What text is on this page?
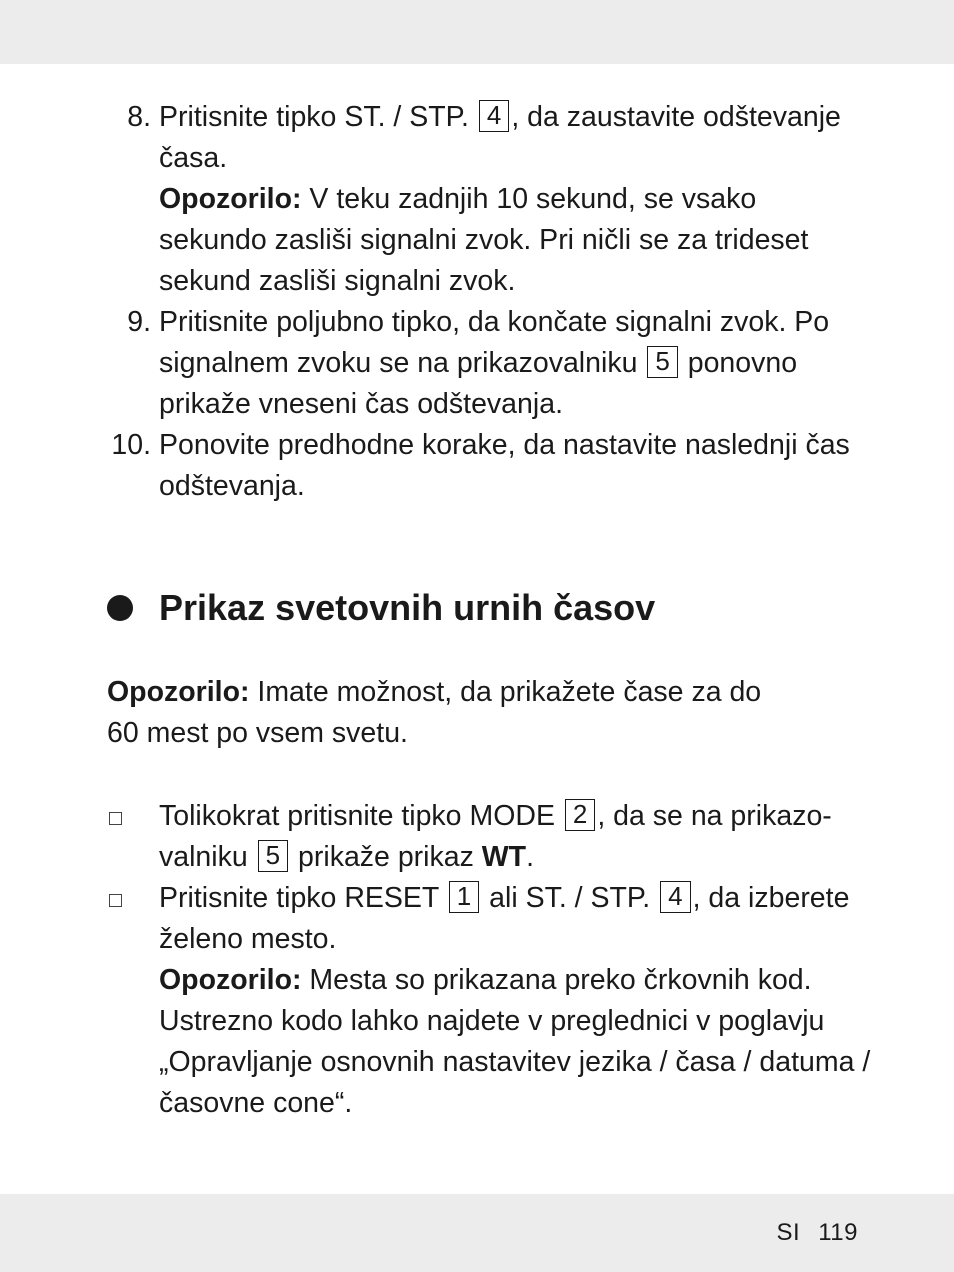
8. Pritisnite tipko ST. / STP. 4 , da zaustavite odštevanje
časa.
Opozorilo: V teku zadnjih 10 sekund, se vsako
sekundo zasliši signalni zvok. Pri ničli se za trideset
sekund zasliši signalni zvok.
9. Pritisnite poljubno tipko, da končate signalni zvok. Po
signalnem zvoku se na prikazovalniku 5 ponovno
prikaže vneseni čas odštevanja.
10. Ponovite predhodne korake, da nastavite naslednji čas
odštevanja.
Prikaz svetovnih urnih časov
Opozorilo: Imate možnost, da prikažete čase za do
60 mest po vsem svetu.
Tolikokrat pritisnite tipko MODE 2 , da se na prikazo-
valniku 5 prikaže prikaz WT.
Pritisnite tipko RESET 1 ali ST. / STP. 4 , da izberete
želeno mesto.
Opozorilo: Mesta so prikazana preko črkovnih kod.
Ustrezno kodo lahko najdete v preglednici v poglavju
„Opravljanje osnovnih nastavitev jezika / časa / datuma /
časovne cone“.
SI 119
